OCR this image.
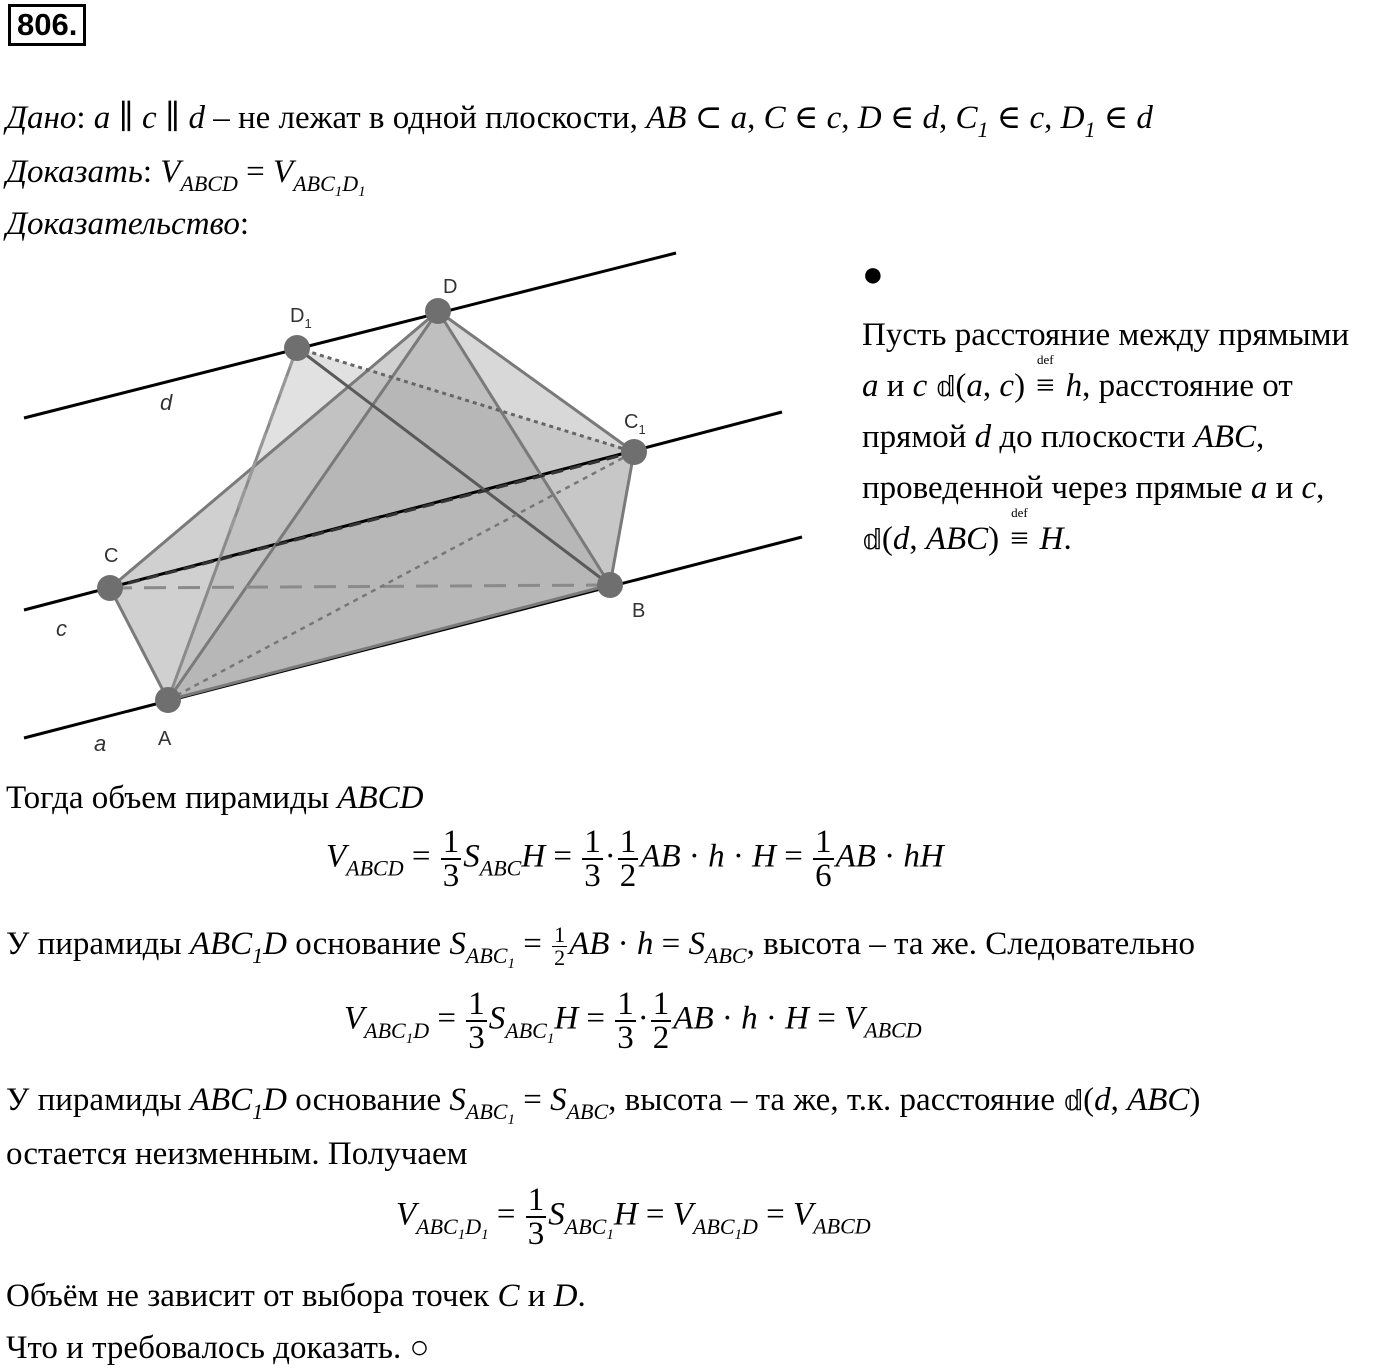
806.
Дано: a ∥ c ∥ d – не лежат в одной плоскости, AB ⊂ a, C ∈ c, D ∈ d, $C_1$ ∈ c, $D_1$ ∈ d
Доказать: $V_{ABCD} = V_{ABC_1D_1}$
Доказательство:
A
B
C
D
$C_1$
$D_1$
d
c
a
●
Пусть расстояние между прямыми
a и c 𝕕(a, c)
def
≡ h, расстояние от
прямой d до плоскости ABC,
проведенной через прямые a и c,
𝕕(d, ABC)
def
≡ H.
Тогда объем пирамиды ABCD
$V_{ABCD} = \frac{1}{3} S_{ABC}H = \frac{1}{3} \cdot \frac{1}{2}$ AB · $h \cdot H = \frac{1}{6}$ AB · hH
У пирамиды $ABC_1D$ основание $S_{ABC_1} = \frac{1}{2}$ AB · $h = S_{ABC}$, высота – та же. Следовательно
$V_{ABC_1D} = \frac{1}{3} S_{ABC_1}H = \frac{1}{3} \cdot \frac{1}{2}$ AB · $h \cdot H = V_{ABCD}$
У пирамиды $ABC_1D$ основание $S_{ABC_1} = S_{ABC}$, высота – та же, т.к. расстояние 𝕕(d, ABC)
остается неизменным. Получаем
$V_{ABC_1D_1} = \frac{1}{3} S_{ABC_1}H = V_{ABC_1D} = V_{ABCD}$
Объём не зависит от выбора точек C и D.
Что и требовалось доказать. ○
